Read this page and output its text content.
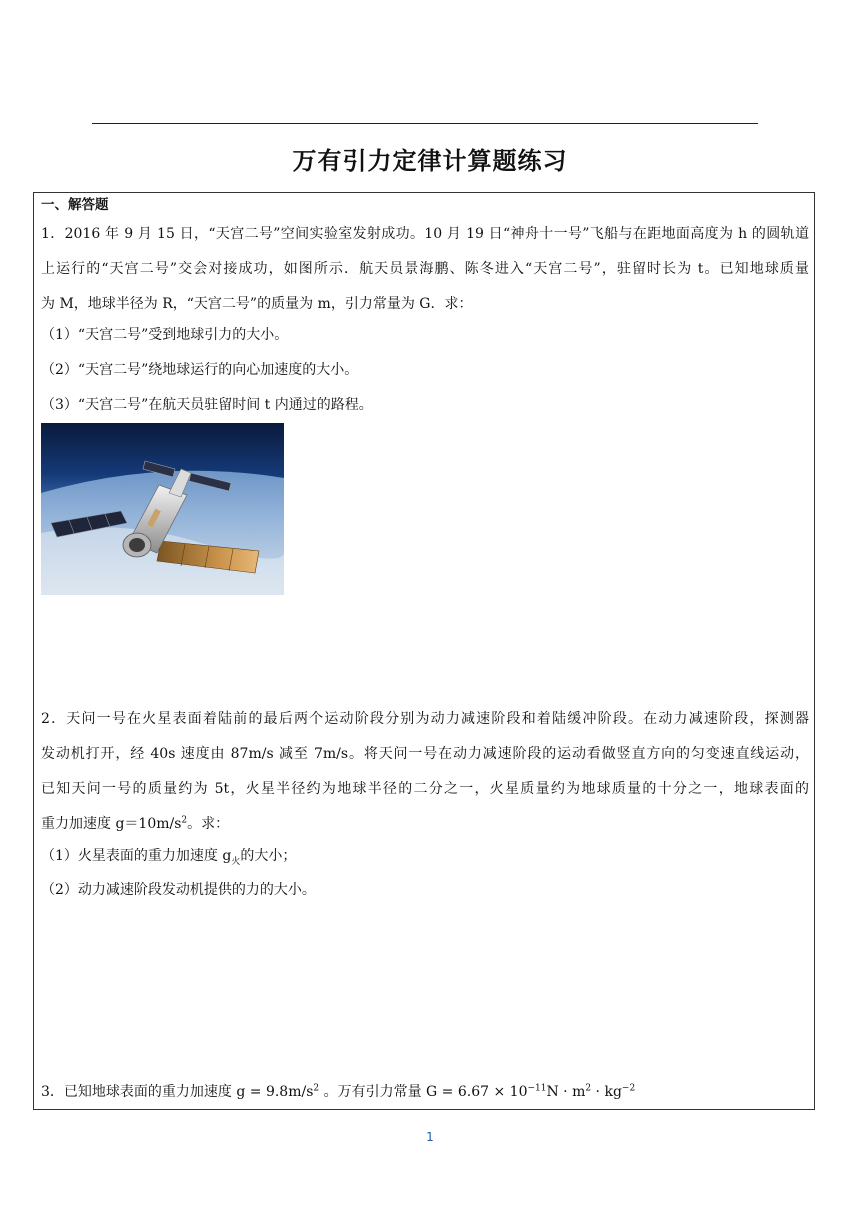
万有引力定律计算题练习
一、解答题
1．2016 年 9 月 15 日，“天宫二号”空间实验室发射成功。10 月 19 日“神舟十一号”飞船与在距地面高度为 h 的圆轨道
上运行的“天宫二号”交会对接成功，如图所示．航天员景海鹏、陈冬进入“天宫二号”，驻留时长为 t。已知地球质量
为 M，地球半径为 R，“天宫二号”的质量为 m，引力常量为 G．求：
（1）“天宫二号”受到地球引力的大小。
（2）“天宫二号”绕地球运行的向心加速度的大小。
（3）“天宫二号”在航天员驻留时间 t 内通过的路程。
2．天问一号在火星表面着陆前的最后两个运动阶段分别为动力减速阶段和着陆缓冲阶段。在动力减速阶段，探测器
发动机打开，经 40s 速度由 87m/s 减至 7m/s。将天问一号在动力减速阶段的运动看做竖直方向的匀变速直线运动，
已知天问一号的质量约为 5t，火星半径约为地球半径的二分之一，火星质量约为地球质量的十分之一，地球表面的
重力加速度 $g=10m/s^2$。求：
（1）火星表面的重力加速度 $g_火$的大小；
（2）动力减速阶段发动机提供的力的大小。
3．已知地球表面的重力加速度 $g = 9.8m/s^2$ 。万有引力常量 $G = 6.67 \times 10^{-11}N \cdot m^2 \cdot kg^{-2}$
1
